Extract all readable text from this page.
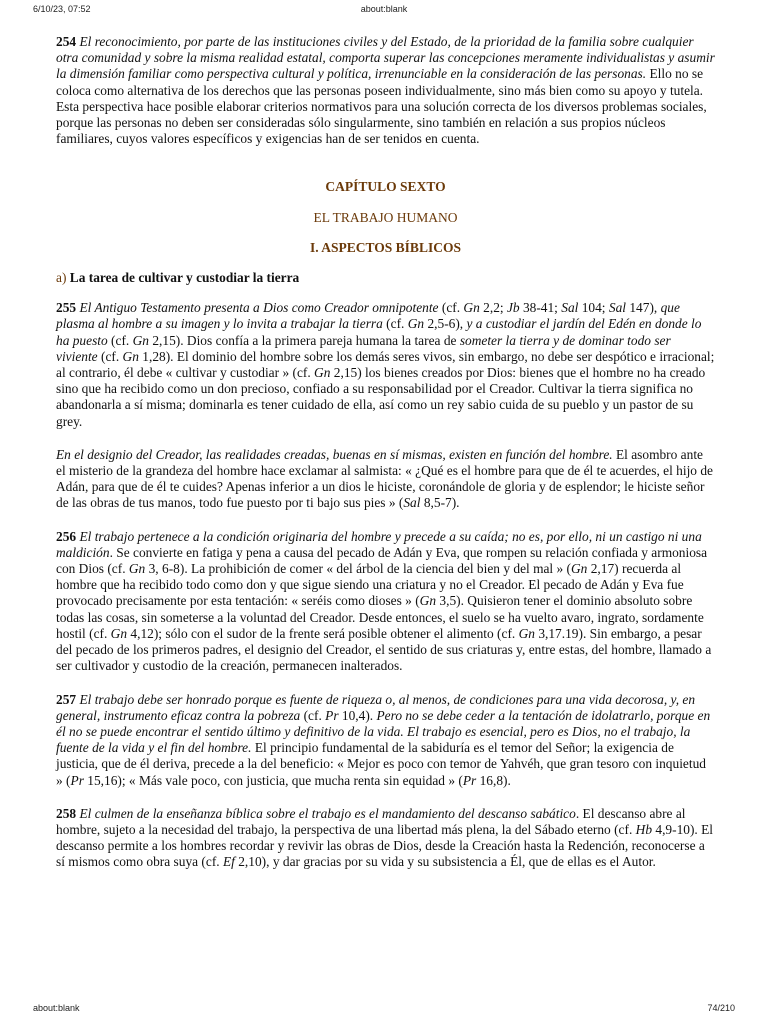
6/10/23, 07:52	about:blank

254 El reconocimiento, por parte de las instituciones civiles y del Estado, de la prioridad de la familia sobre cualquier otra comunidad y sobre la misma realidad estatal, comporta superar las concepciones meramente individualistas y asumir la dimensión familiar como perspectiva cultural y política, irrenunciable en la consideración de las personas. Ello no se coloca como alternativa de los derechos que las personas poseen individualmente, sino más bien como su apoyo y tutela. Esta perspectiva hace posible elaborar criterios normativos para una solución correcta de los diversos problemas sociales, porque las personas no deben ser consideradas sólo singularmente, sino también en relación a sus propios núcleos familiares, cuyos valores específicos y exigencias han de ser tenidos en cuenta.

CAPÍTULO SEXTO
EL TRABAJO HUMANO
I. ASPECTOS BÍBLICOS
a) La tarea de cultivar y custodiar la tierra

255 El Antiguo Testamento presenta a Dios como Creador omnipotente (cf. Gn 2,2; Jb 38-41; Sal 104; Sal 147), que plasma al hombre a su imagen y lo invita a trabajar la tierra (cf. Gn 2,5-6), y a custodiar el jardín del Edén en donde lo ha puesto (cf. Gn 2,15). Dios confía a la primera pareja humana la tarea de someter la tierra y de dominar todo ser viviente (cf. Gn 1,28). El dominio del hombre sobre los demás seres vivos, sin embargo, no debe ser despótico e irracional; al contrario, él debe « cultivar y custodiar » (cf. Gn 2,15) los bienes creados por Dios: bienes que el hombre no ha creado sino que ha recibido como un don precioso, confiado a su responsabilidad por el Creador. Cultivar la tierra significa no abandonarla a sí misma; dominarla es tener cuidado de ella, así como un rey sabio cuida de su pueblo y un pastor de su grey.

En el designio del Creador, las realidades creadas, buenas en sí mismas, existen en función del hombre. El asombro ante el misterio de la grandeza del hombre hace exclamar al salmista: « ¿Qué es el hombre para que de él te acuerdes, el hijo de Adán, para que de él te cuides? Apenas inferior a un dios le hiciste, coronándole de gloria y de esplendor; le hiciste señor de las obras de tus manos, todo fue puesto por ti bajo sus pies » (Sal 8,5-7).

256 El trabajo pertenece a la condición originaria del hombre y precede a su caída; no es, por ello, ni un castigo ni una maldición. Se convierte en fatiga y pena a causa del pecado de Adán y Eva, que rompen su relación confiada y armoniosa con Dios (cf. Gn 3, 6-8). La prohibición de comer « del árbol de la ciencia del bien y del mal » (Gn 2,17) recuerda al hombre que ha recibido todo como don y que sigue siendo una criatura y no el Creador. El pecado de Adán y Eva fue provocado precisamente por esta tentación: « seréis como dioses » (Gn 3,5). Quisieron tener el dominio absoluto sobre todas las cosas, sin someterse a la voluntad del Creador. Desde entonces, el suelo se ha vuelto avaro, ingrato, sordamente hostil (cf. Gn 4,12); sólo con el sudor de la frente será posible obtener el alimento (cf. Gn 3,17.19). Sin embargo, a pesar del pecado de los primeros padres, el designio del Creador, el sentido de sus criaturas y, entre estas, del hombre, llamado a ser cultivador y custodio de la creación, permanecen inalterados.

257 El trabajo debe ser honrado porque es fuente de riqueza o, al menos, de condiciones para una vida decorosa, y, en general, instrumento eficaz contra la pobreza (cf. Pr 10,4). Pero no se debe ceder a la tentación de idolatrarlo, porque en él no se puede encontrar el sentido último y definitivo de la vida. El trabajo es esencial, pero es Dios, no el trabajo, la fuente de la vida y el fin del hombre. El principio fundamental de la sabiduría es el temor del Señor; la exigencia de justicia, que de él deriva, precede a la del beneficio: « Mejor es poco con temor de Yahvéh, que gran tesoro con inquietud » (Pr 15,16); « Más vale poco, con justicia, que mucha renta sin equidad » (Pr 16,8).

258 El culmen de la enseñanza bíblica sobre el trabajo es el mandamiento del descanso sabático. El descanso abre al hombre, sujeto a la necesidad del trabajo, la perspectiva de una libertad más plena, la del Sábado eterno (cf. Hb 4,9-10). El descanso permite a los hombres recordar y revivir las obras de Dios, desde la Creación hasta la Redención, reconocerse a sí mismos como obra suya (cf. Ef 2,10), y dar gracias por su vida y su subsistencia a Él, que de ellas es el Autor.

about:blank	74/210
